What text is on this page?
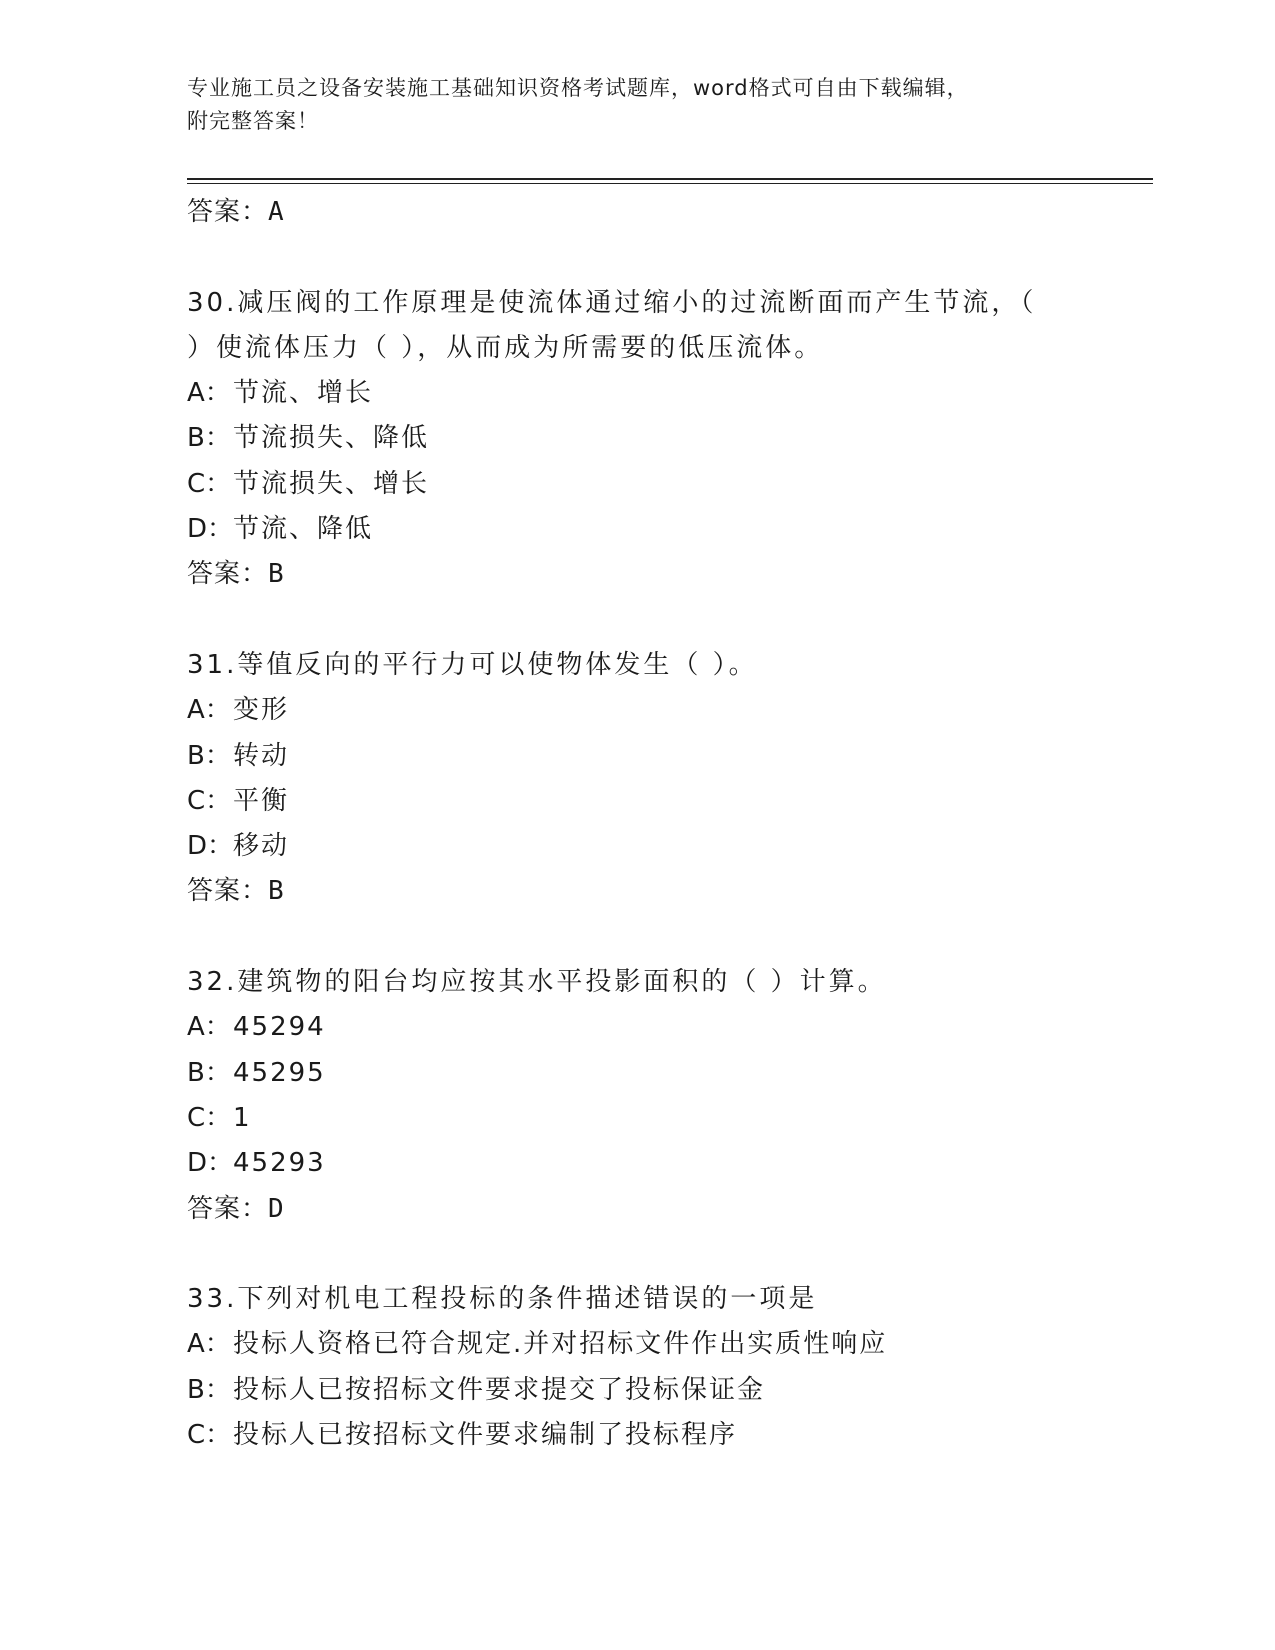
专业施工员之设备安装施工基础知识资格考试题库，word格式可自由下载编辑，
附完整答案！
答案：A
30.减压阀的工作原理是使流体通过缩小的过流断面而产生节流，（
）使流体压力（ ），从而成为所需要的低压流体。
A：节流、增长
B：节流损失、降低
C：节流损失、增长
D：节流、降低
答案：B
31.等值反向的平行力可以使物体发生（ ）。
A：变形
B：转动
C：平衡
D：移动
答案：B
32.建筑物的阳台均应按其水平投影面积的（ ）计算。
A：45294
B：45295
C：1
D：45293
答案：D
33.下列对机电工程投标的条件描述错误的一项是
A：投标人资格已符合规定.并对招标文件作出实质性响应
B：投标人已按招标文件要求提交了投标保证金
C：投标人已按招标文件要求编制了投标程序
